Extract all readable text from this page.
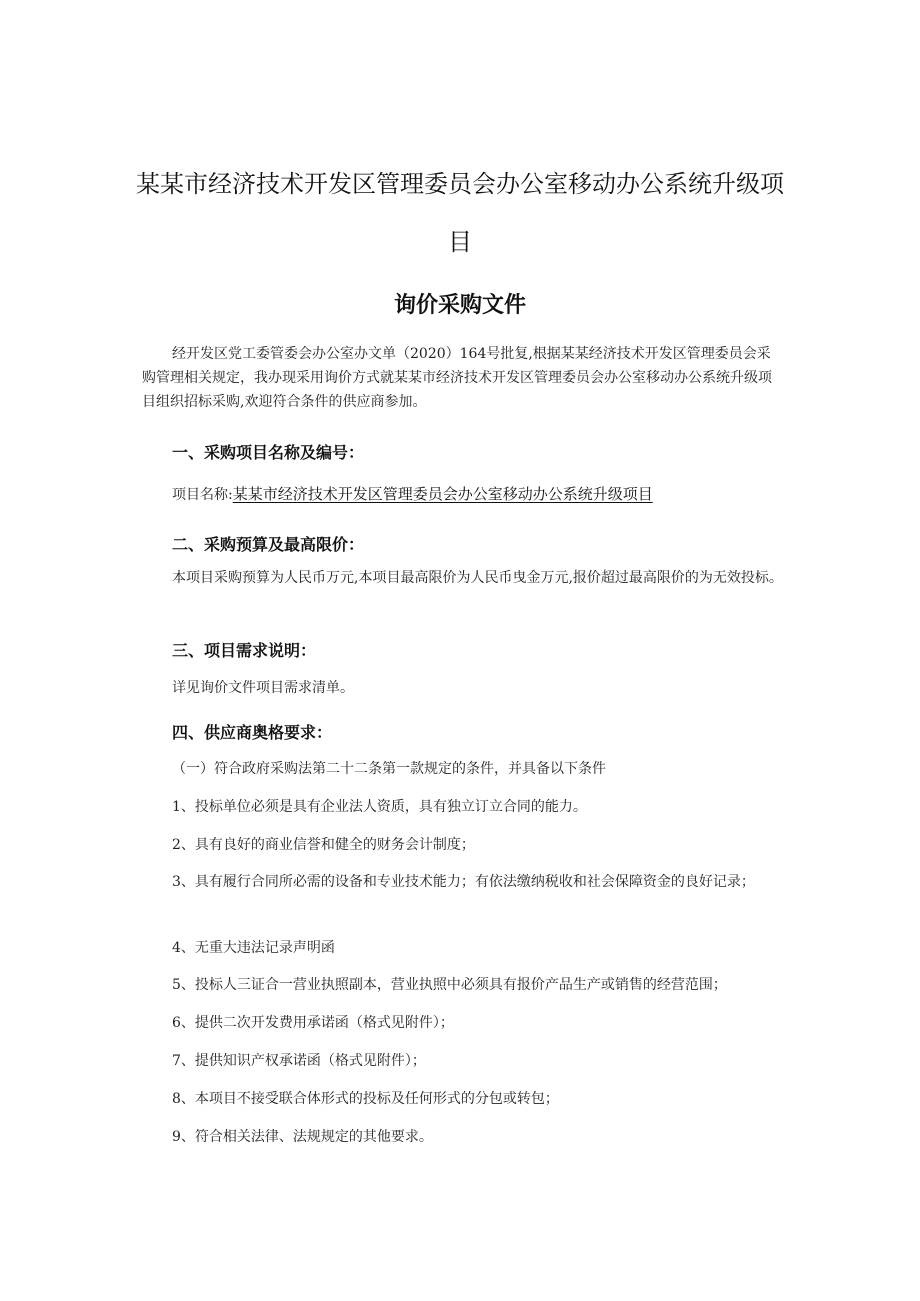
某某市经济技术开发区管理委员会办公室移动办公系统升级项
目
询价采购文件

经开发区党工委管委会办公室办文单（2020）164号批复,根据某某经济技术开发区管理委员会采购管理相关规定，我办现采用询价方式就某某市经济技术开发区管理委员会办公室移动办公系统升级项目组织招标采购,欢迎符合条件的供应商参加。

一、采购项目名称及编号：

项目名称:某某市经济技术开发区管理委员会办公室移动办公系统升级项目

二、采购预算及最高限价：

本项目采购预算为人民币万元,本项目最高限价为人民币曳金万元,报价超过最高限价的为无效投标。

三、项目需求说明：

详见询价文件项目需求清单。

四、供应商奥格要求：

（一）符合政府采购法第二十二条第一款规定的条件，并具备以下条件

1、投标单位必须是具有企业法人资质，具有独立订立合同的能力。

2、具有良好的商业信誉和健全的财务会计制度；

3、具有履行合同所必需的设备和专业技术能力；有依法缴纳税收和社会保障资金的良好记录；

4、无重大违法记录声明函

5、投标人三证合一营业执照副本，营业执照中必须具有报价产品生产或销售的经营范围；

6、提供二次开发费用承诺函（格式见附件）；

7、提供知识产权承诺函（格式见附件）；

8、本项目不接受联合体形式的投标及任何形式的分包或转包；

9、符合相关法律、法规规定的其他要求。
